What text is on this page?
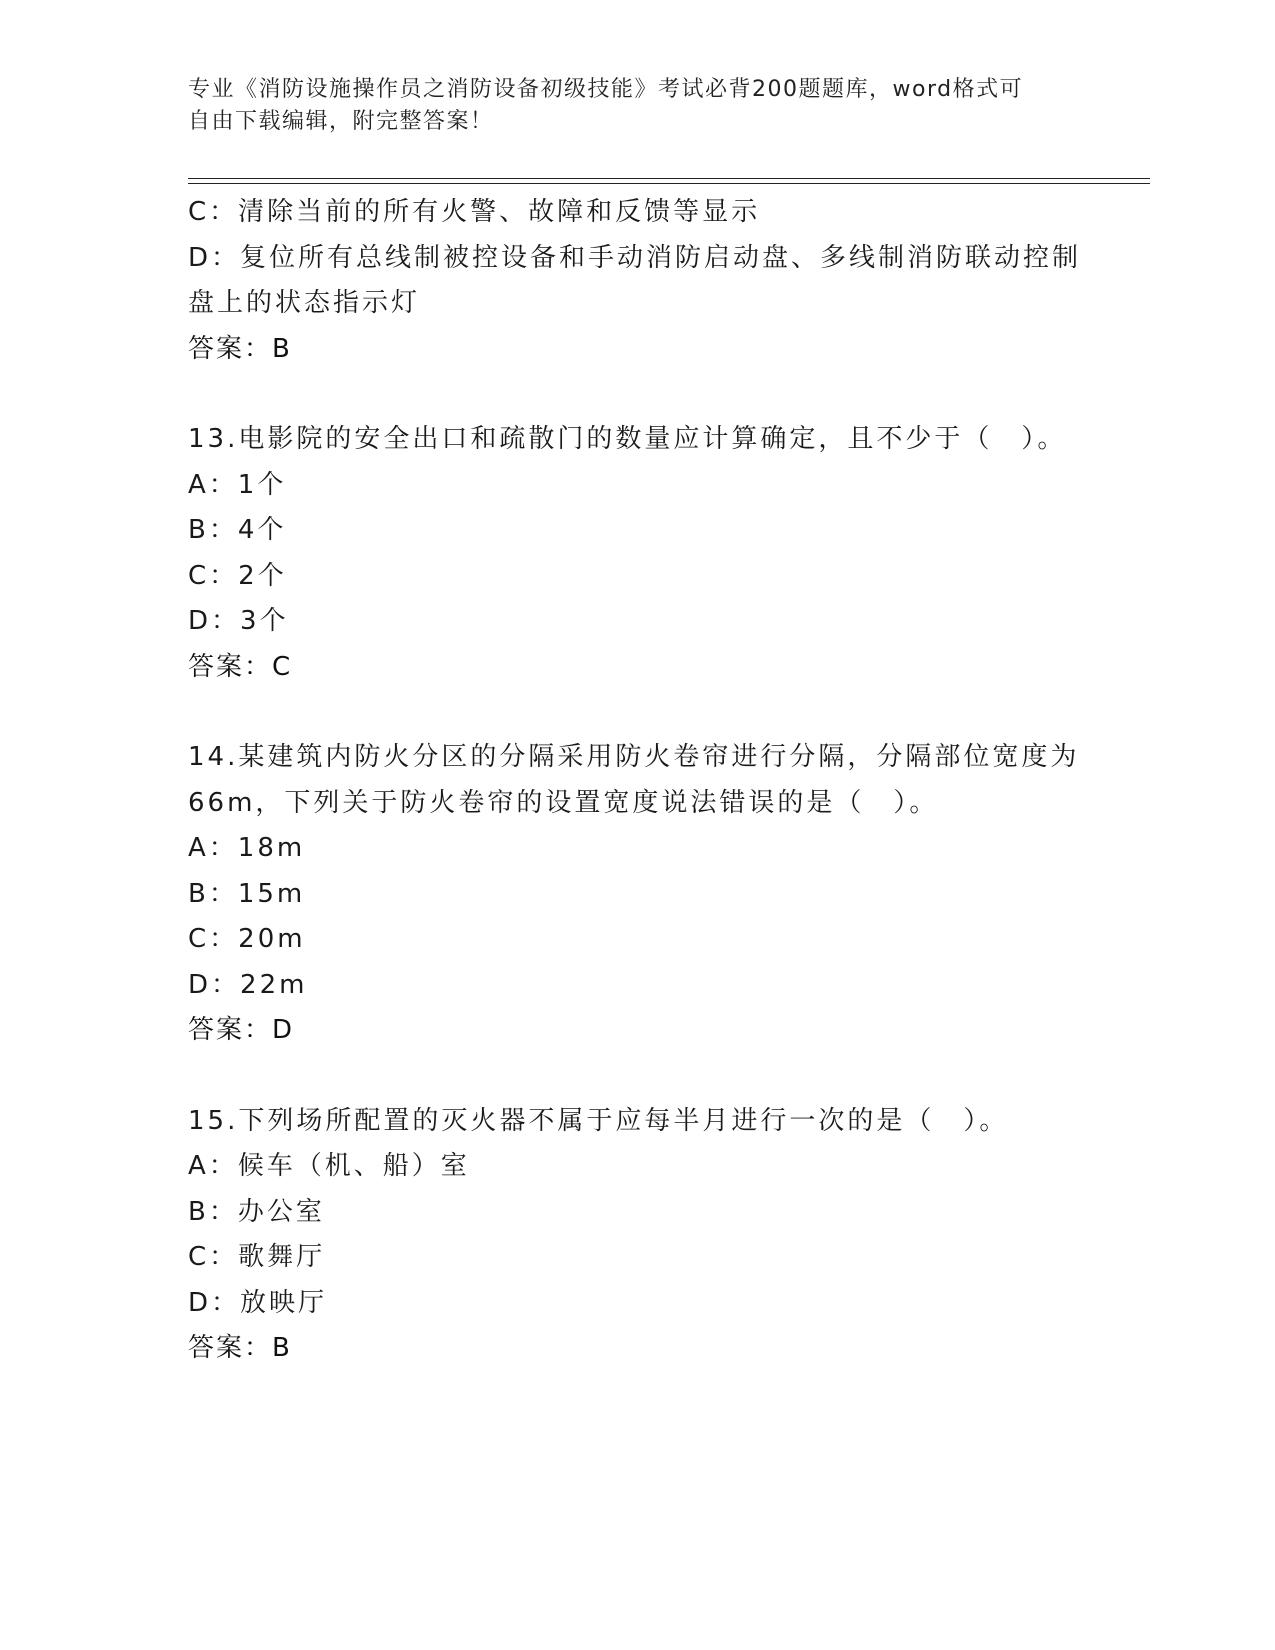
专业《消防设施操作员之消防设备初级技能》考试必背200题题库，word格式可
自由下载编辑，附完整答案！
C：清除当前的所有火警、故障和反馈等显示
D：复位所有总线制被控设备和手动消防启动盘、多线制消防联动控制
盘上的状态指示灯
答案：B
13.电影院的安全出口和疏散门的数量应计算确定，且不少于（　）。
A：1个
B：4个
C：2个
D：3个
答案：C
14.某建筑内防火分区的分隔采用防火卷帘进行分隔，分隔部位宽度为
66m，下列关于防火卷帘的设置宽度说法错误的是（　）。
A：18m
B：15m
C：20m
D：22m
答案：D
15.下列场所配置的灭火器不属于应每半月进行一次的是（　）。
A：候车（机、船）室
B：办公室
C：歌舞厅
D：放映厅
答案：B
